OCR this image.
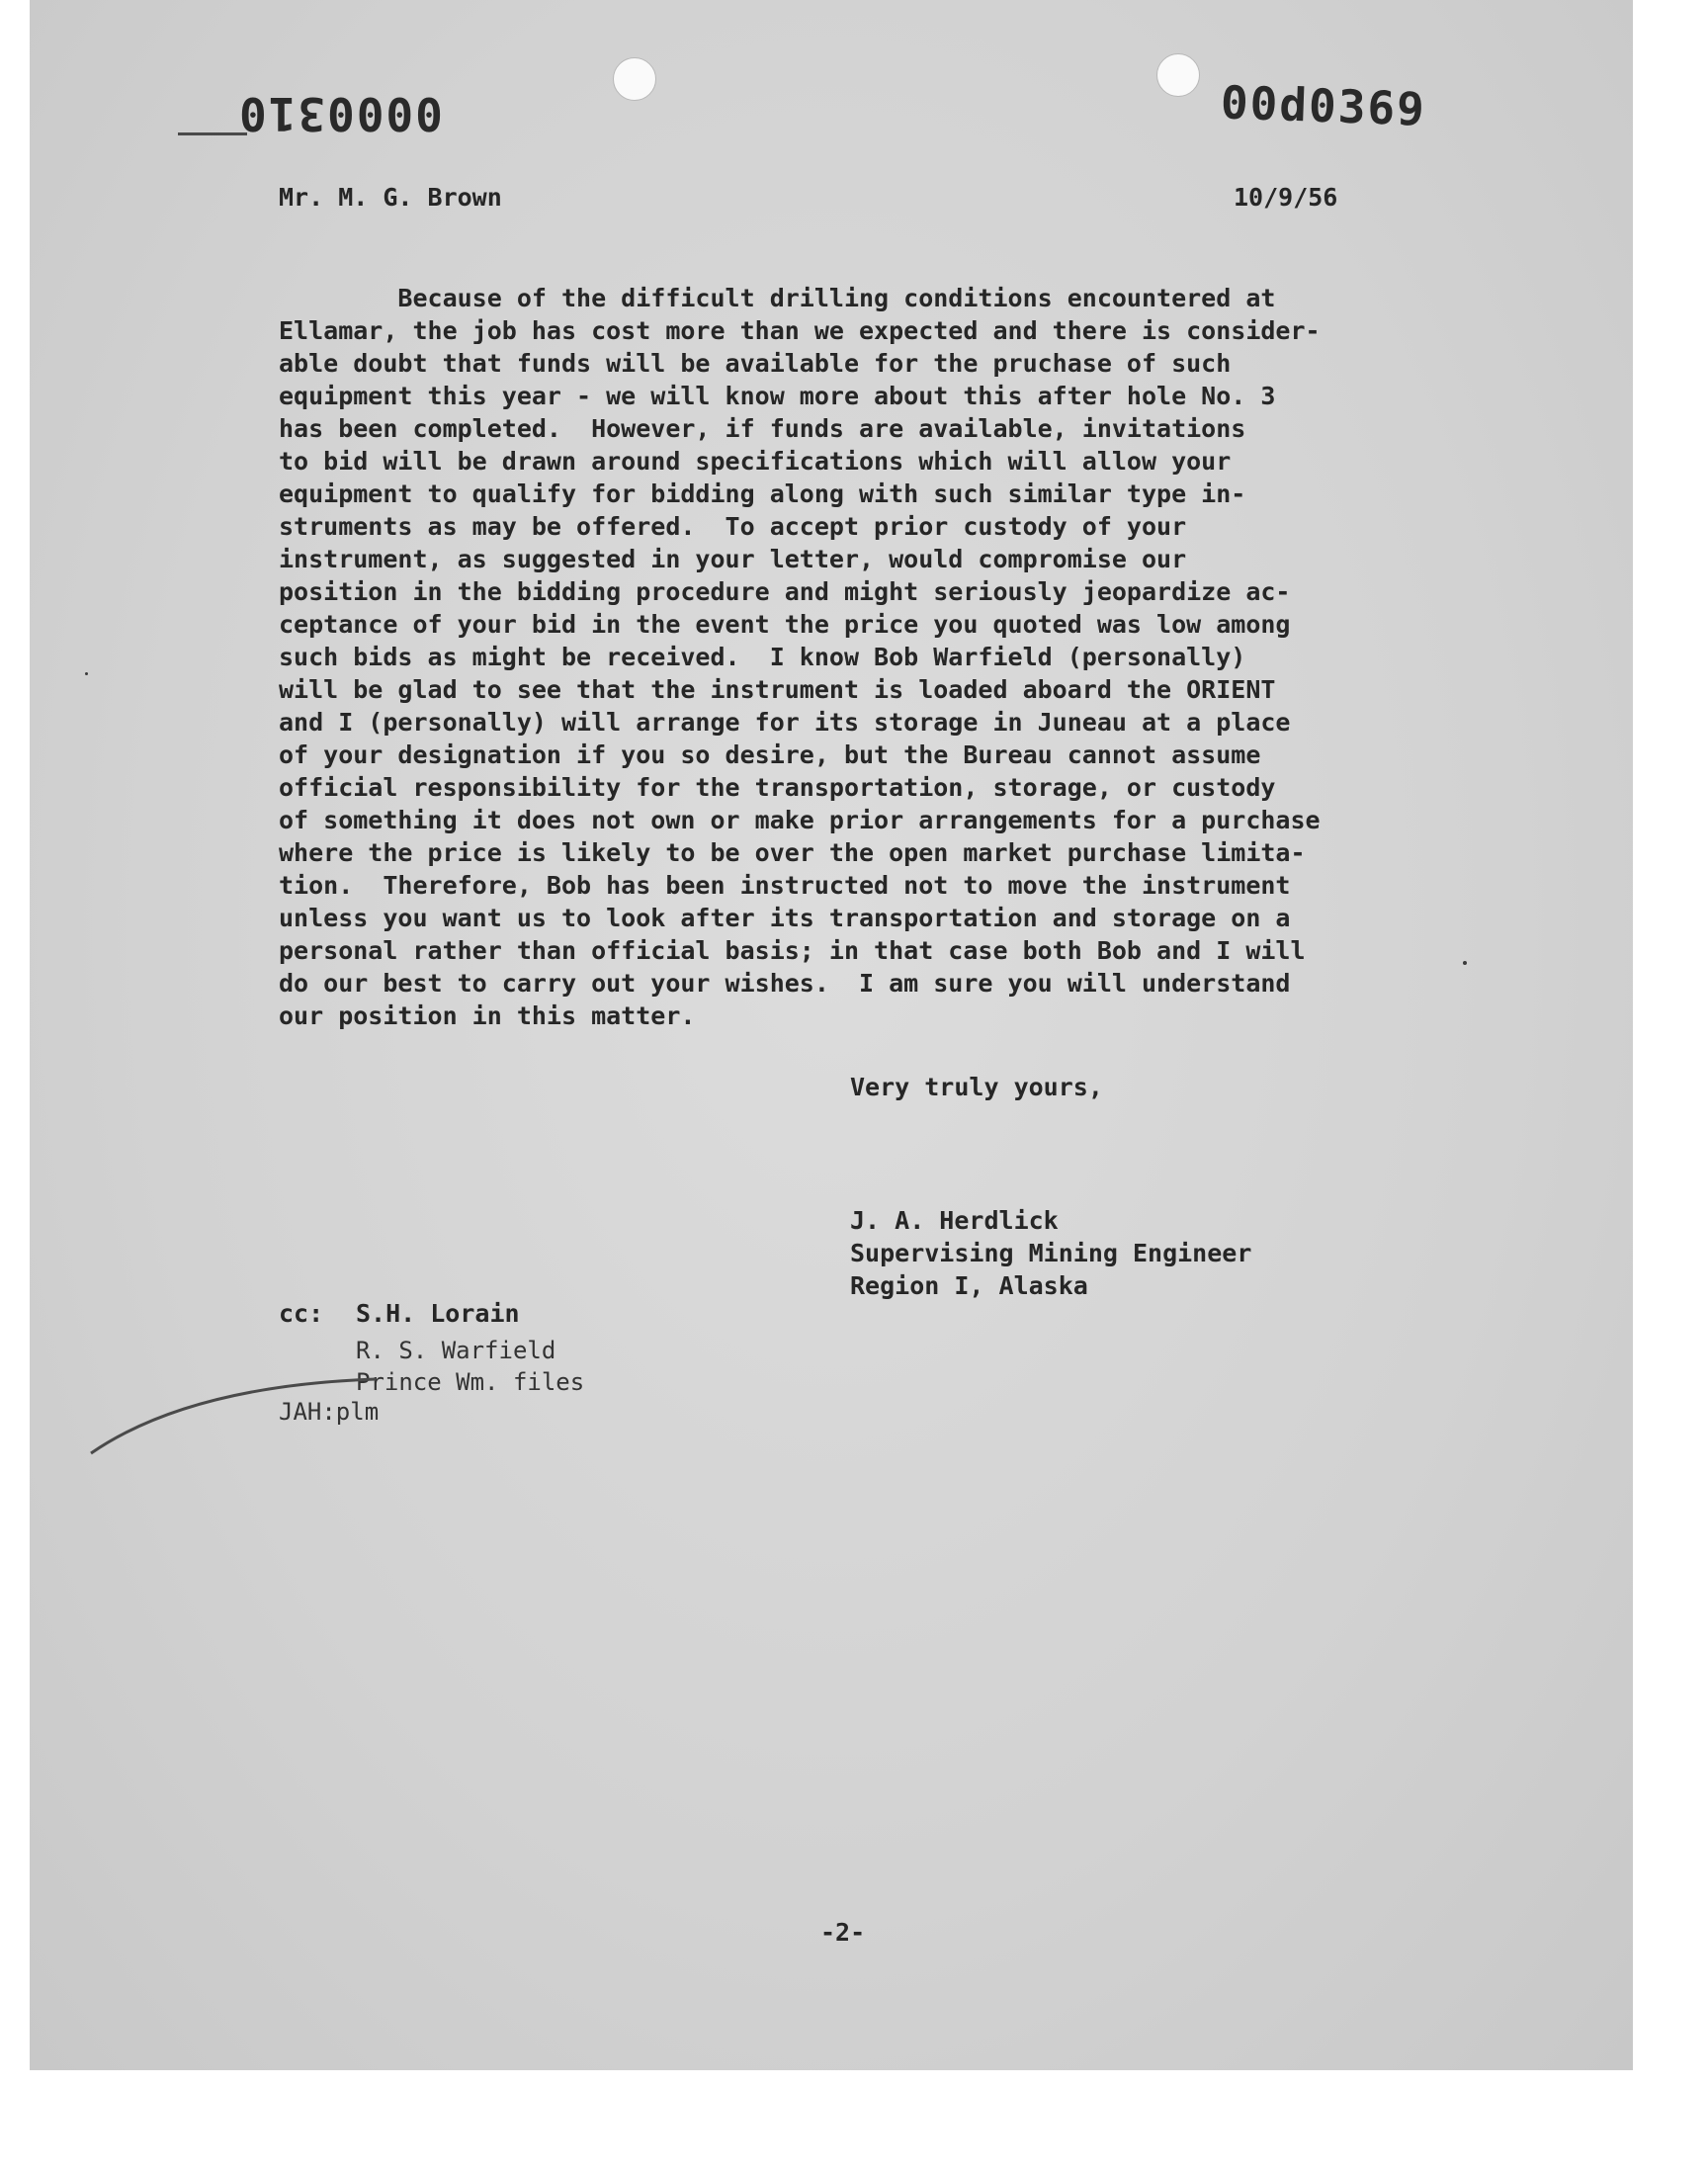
0000310	00d0369
Mr. M. G. Brown	10/9/56
Because of the difficult drilling conditions encountered at
Ellamar, the job has cost more than we expected and there is consider-
able doubt that funds will be available for the pruchase of such
equipment this year - we will know more about this after hole No. 3
has been completed.  However, if funds are available, invitations
to bid will be drawn around specifications which will allow your
equipment to qualify for bidding along with such similar type in-
struments as may be offered.  To accept prior custody of your
instrument, as suggested in your letter, would compromise our
position in the bidding procedure and might seriously jeopardize ac-
ceptance of your bid in the event the price you quoted was low among
such bids as might be received.  I know Bob Warfield (personally)
will be glad to see that the instrument is loaded aboard the ORIENT
and I (personally) will arrange for its storage in Juneau at a place
of your designation if you so desire, but the Bureau cannot assume
official responsibility for the transportation, storage, or custody
of something it does not own or make prior arrangements for a purchase
where the price is likely to be over the open market purchase limita-
tion.  Therefore, Bob has been instructed not to move the instrument
unless you want us to look after its transportation and storage on a
personal rather than official basis; in that case both Bob and I will
do our best to carry out your wishes.  I am sure you will understand
our position in this matter.
Very truly yours,
J. A. Herdlick
Supervising Mining Engineer
Region I, Alaska
cc: S.H. Lorain
R. S. Warfield
Prince Wm. files
JAH:plm
-2-
